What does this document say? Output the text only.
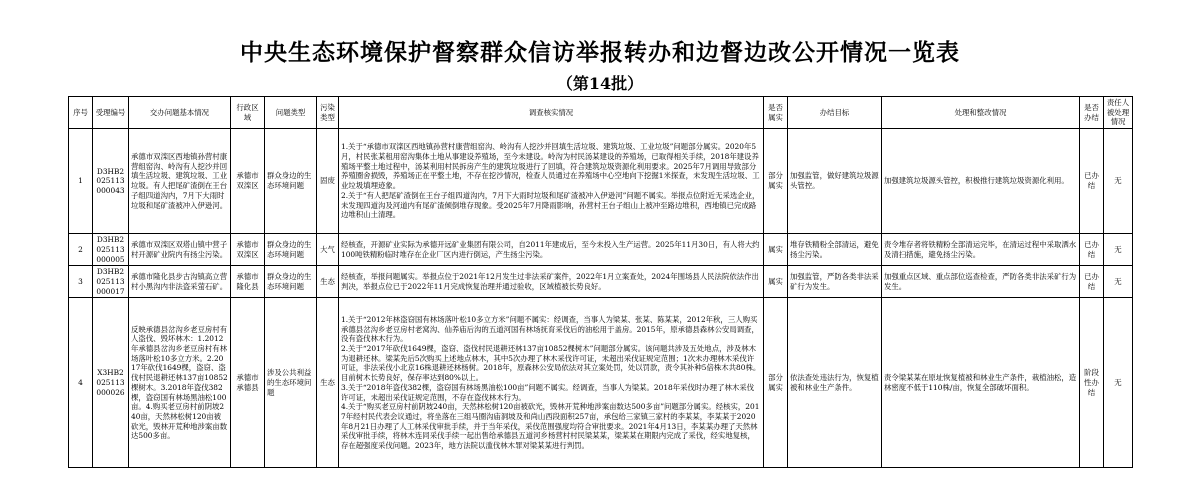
中央生态环境保护督察群众信访举报转办和边督边改公开情况一览表
（第14批）
序号	受理编号	交办问题基本情况	行政区域	问题类型	污染类型	调查核实情况	是否属实	办结目标	处理和整改情况	是否办结	责任人被处理情况
1	D3HB2025113000043	承德市双滦区西地镇孙营村康营组窑沟、岭沟有人挖沙并回填生活垃圾、建筑垃圾、工业垃圾。有人把尾矿渣倒在王台子组四道沟内，7月下大雨时垃圾和尾矿渣被冲入伊逊河。	承德市双滦区	群众身边的生态环境问题	固废	1.关于“承德市双滦区西地镇孙营村康营组窑沟、岭沟有人挖沙并回填生活垃圾、建筑垃圾、工业垃圾”问题部分属实。2020年5月，村民张某租用窑沟集体土地从事建设养殖场，至今未建设。岭沟为村民汤某建设的养殖场，已取得相关手续，2018年建设养殖场平整土地过程中，汤某利用村民拆房产生的建筑垃圾进行了回填，符合建筑垃圾资源化利用要求。2025年7月调用导致部分养殖圈舍损毁，养殖场正在平整土地，不存在挖沙情况，检查人员通过在养殖场中心空地向下挖掘1米探查，未发现生活垃圾、工业垃圾填埋迹象。
2.关于“有人把尾矿渣倒在王台子组四道沟内，7月下大雨时垃圾和尾矿渣被冲入伊逊河”问题不属实。举报点位附近无采选企业，未发现四道沟及河道内有尾矿渣倾倒堆存现象。受2025年7月降雨影响，孙营村王台子组山上被冲至路边堆积，西地镇已完成路边堆积山土清理。	部分属实	加强监管，做好建筑垃圾源头管控。	加强建筑垃圾源头管控，积极推行建筑垃圾资源化利用。	已办结	无
2	D3HB2025113000005	承德市双滦区双塔山镇中营子村开源矿业院内有扬尘污染。	承德市双滦区	群众身边的生态环境问题	大气	经核查，开源矿业实际为承德开远矿业集团有限公司，自2011年建成后，至今未投入生产运营。2025年11月30日，有人将大约100吨铁精粉临时堆存在企业厂区内进行倒运，产生扬尘污染。	属实	堆存铁精粉全部清运，避免扬尘污染。	责令堆存者将铁精粉全部清运完毕，在清运过程中采取洒水及清扫措施，避免扬尘污染。	已办结	无
3	D3HB2025113000017	承德市隆化县步古沟镇高立营村小黑沟内非法盗采萤石矿。	承德市隆化县	群众身边的生态环境问题	生态	经核查，举报问题属实。举报点位于2021年12月发生过非法采矿案件，2022年1月立案查处，2024年围场县人民法院依法作出判决，举报点位已于2022年11月完成恢复治理并通过验收，区域植被长势良好。	属实	加强监管，严防各类非法采矿行为发生。	加强重点区域、重点部位巡查检查，严防各类非法采矿行为发生。	已办结	无
4	X3HB2025113000026	反映承德县岔沟乡老豆房村有人盗伐、毁坏林木：1.2012年承德县岔沟乡老豆房村有林场落叶松10多立方米。2.2017年砍伐1649棵，盗窃、盗伐村民退耕还林137亩10852棵树木。3.2018年盗伐382棵，盗窃国有林场黑油松100亩。4.购买老豆房村前阴坡240亩，天然林松树120亩被砍光，毁林开荒种地涉案亩数达500多亩。	承德市承德县	涉及公共利益的生态环境问题	生态	1.关于“2012年林盗窃国有林场落叶松10多立方米”问题不属实：经调查，当事人为梁某、张某、陈某某，2012年秋，三人购买承德县岔沟乡老豆房村老窝沟、仙养庙后沟的五道河国有林场抚育采伐后的油松用于盖房。2015年，原承德县森林公安局调查，没有盗伐林木行为。
2.关于“2017年砍伐1649棵，盗窃、盗伐村民退耕还林137亩10852棵树木”问题部分属实。该问题共涉及五处地点，涉及林木为退耕还林。梁某先后5次购买上述地点林木，其中5次办理了林木采伐许可证，未超出采伐证规定范围；1次未办理林木采伐许可证，非法采伐小北京16株退耕还林杨树。2018年，原森林公安局依法对其立案处罚，处以罚款，责令其补种5倍株木共80株。目前树木长势良好，保存率达到80%以上。
3.关于“2018年盗伐382棵，盗窃国有林场黑油松100亩”问题不属实。经调查，当事人为梁某。2018年采伐时办理了林木采伐许可证，未超出采伐证规定范围，不存在盗伐林木行为。
4.关于“购买老豆房村前阴坡240亩，天然林松树120亩被砍光，毁林开荒种地涉案亩数达500多亩”问题部分属实。经核实，2017年经村民代表会议通过，将坐落在三组马圈沟庙洞坡及和尚山西段面积257亩，承包给三家镇三家村的李某某，李某某于2020年8月21日办理了人工林采伐审批手续，并于当年采伐，采伐范围强度均符合审批要求。2021年4月13日，李某某办理了天然林采伐审批手续，将林木连同采伐手续一起出售给承德县五道河乡杨营村村民梁某某，梁某某在期限内完成了采伐，经实地复核，存在超强度采伐问题。2023年，地方法院以滥伐林木罪对梁某某进行判罚。	部分属实	依法查处违法行为，恢复植被和林业生产条件。	责令梁某某在原址恢复植被和林业生产条件，栽植油松，造林密度不低于110株/亩，恢复全部破坏面积。	阶段性办结	无
